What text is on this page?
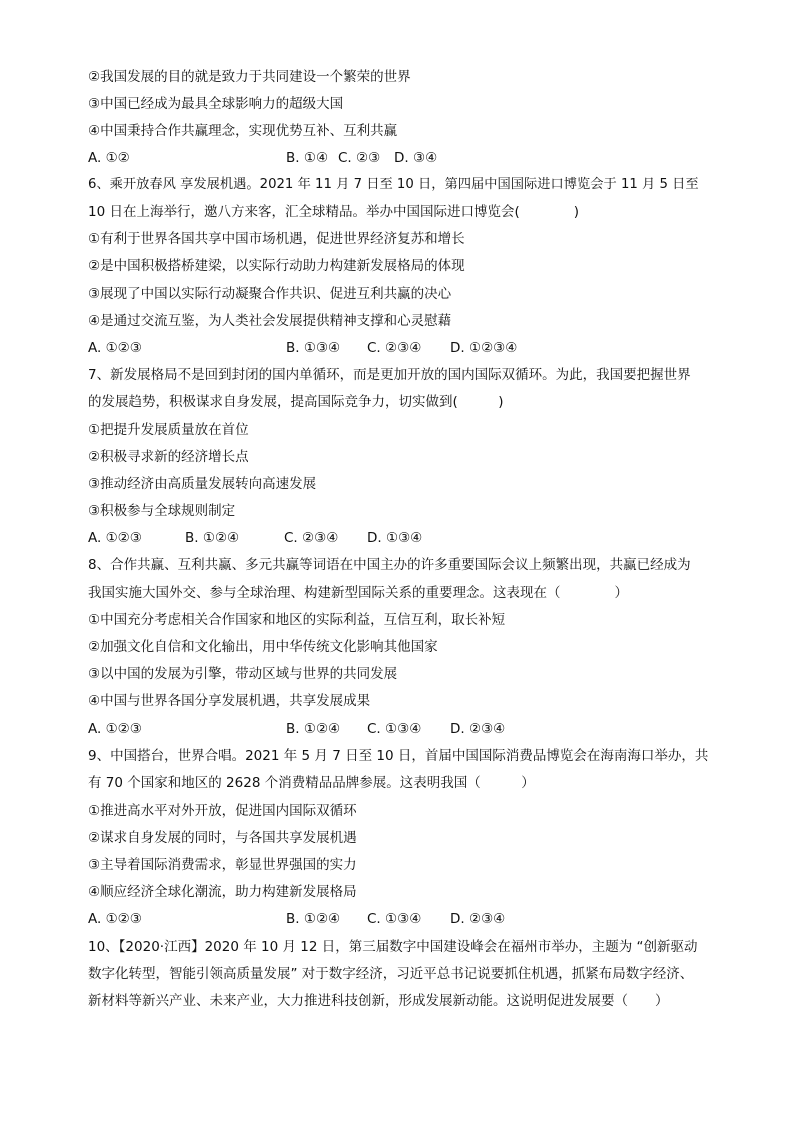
②我国发展的目的就是致力于共同建设一个繁荣的世界
③中国已经成为最具全球影响力的超级大国
④中国秉持合作共赢理念，实现优势互补、互利共赢
A. ①②	B. ①④ C. ②③ D. ③④
6、乘开放春风 享发展机遇。2021 年 11 月 7 日至 10 日，第四届中国国际进口博览会于 11 月 5 日至
10 日在上海举行，邀八方来客，汇全球精品。举办中国国际进口博览会(　　　　)
①有利于世界各国共享中国市场机遇，促进世界经济复苏和增长
②是中国积极搭桥建梁，以实际行动助力构建新发展格局的体现
③展现了中国以实际行动凝聚合作共识、促进互利共赢的决心
④是通过交流互鉴，为人类社会发展提供精神支撑和心灵慰藉
A. ①②③	B. ①③④ C. ②③④ D. ①②③④
7、新发展格局不是回到封闭的国内单循环，而是更加开放的国内国际双循环。为此，我国要把握世界
的发展趋势，积极谋求自身发展，提高国际竞争力，切实做到(　　　)
①把提升发展质量放在首位
②积极寻求新的经济增长点
③推动经济由高质量发展转向高速发展
③积极参与全球规则制定
A. ①②③	B. ①②④	C. ②③④ D. ①③④
8、合作共赢、互利共赢、多元共赢等词语在中国主办的许多重要国际会议上频繁出现，共赢已经成为
我国实施大国外交、参与全球治理、构建新型国际关系的重要理念。这表现在（　　　　）
①中国充分考虑相关合作国家和地区的实际利益，互信互利，取长补短
②加强文化自信和文化输出，用中华传统文化影响其他国家
③以中国的发展为引擎，带动区域与世界的共同发展
④中国与世界各国分享发展机遇，共享发展成果
A. ①②③	B. ①②④ C. ①③④ D. ②③④
9、中国搭台，世界合唱。2021 年 5 月 7 日至 10 日，首届中国国际消费品博览会在海南海口举办，共
有 70 个国家和地区的 2628 个消费精品品牌参展。这表明我国（　　　）
①推进高水平对外开放，促进国内国际双循环
②谋求自身发展的同时，与各国共享发展机遇
③主导着国际消费需求，彰显世界强国的实力
④顺应经济全球化潮流，助力构建新发展格局
A. ①②③	B. ①②④ C. ①③④ D. ②③④
10、【2020·江西】2020 年 10 月 12 日，第三届数字中国建设峰会在福州市举办，主题为 “创新驱动
数字化转型，智能引领高质量发展” 对于数字经济，习近平总书记说要抓住机遇，抓紧布局数字经济、
新材料等新兴产业、未来产业，大力推进科技创新，形成发展新动能。这说明促进发展要（　　）
